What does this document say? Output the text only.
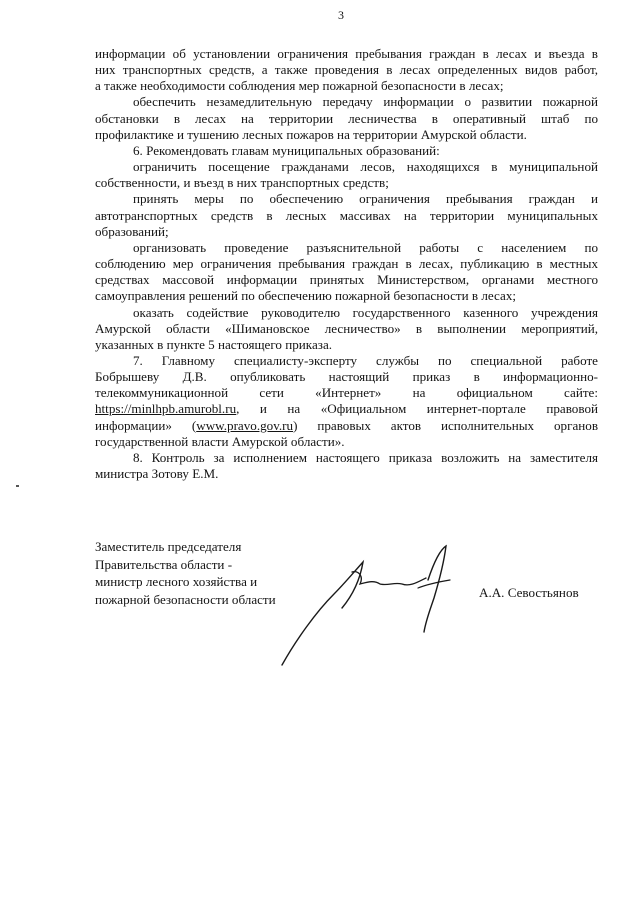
3
информации об установлении ограничения пребывания граждан в лесах и въезда в
них транспортных средств, а также проведения в лесах определенных видов работ,
а также необходимости соблюдения мер пожарной безопасности в лесах;
обеспечить незамедлительную передачу информации о развитии пожарной
обстановки в лесах на территории лесничества в оперативный штаб по
профилактике и тушению лесных пожаров на территории Амурской области.
6. Рекомендовать главам муниципальных образований:
ограничить посещение гражданами лесов, находящихся в муниципальной
собственности, и въезд в них транспортных средств;
принять меры по обеспечению ограничения пребывания граждан и
автотранспортных средств в лесных массивах на территории муниципальных
образований;
организовать проведение разъяснительной работы с населением по
соблюдению мер ограничения пребывания граждан в лесах, публикацию в местных
средствах массовой информации принятых Министерством, органами местного
самоуправления решений по обеспечению пожарной безопасности в лесах;
оказать содействие руководителю государственного казенного учреждения
Амурской области «Шимановское лесничество» в выполнении мероприятий,
указанных в пункте 5 настоящего приказа.
7. Главному специалисту-эксперту службы по специальной работе
Бобрышеву Д.В. опубликовать настоящий приказ в информационно-
телекоммуникационной сети «Интернет» на официальном сайте:
https://minlhpb.amurobl.ru, и на «Официальном интернет-портале правовой
информации» (www.pravo.gov.ru) правовых актов исполнительных органов
государственной власти Амурской области».
8. Контроль за исполнением настоящего приказа возложить на заместителя
министра Зотову Е.М.
Заместитель председателя
Правительства области -
министр лесного хозяйства и
пожарной безопасности области	А.А. Севостьянов
